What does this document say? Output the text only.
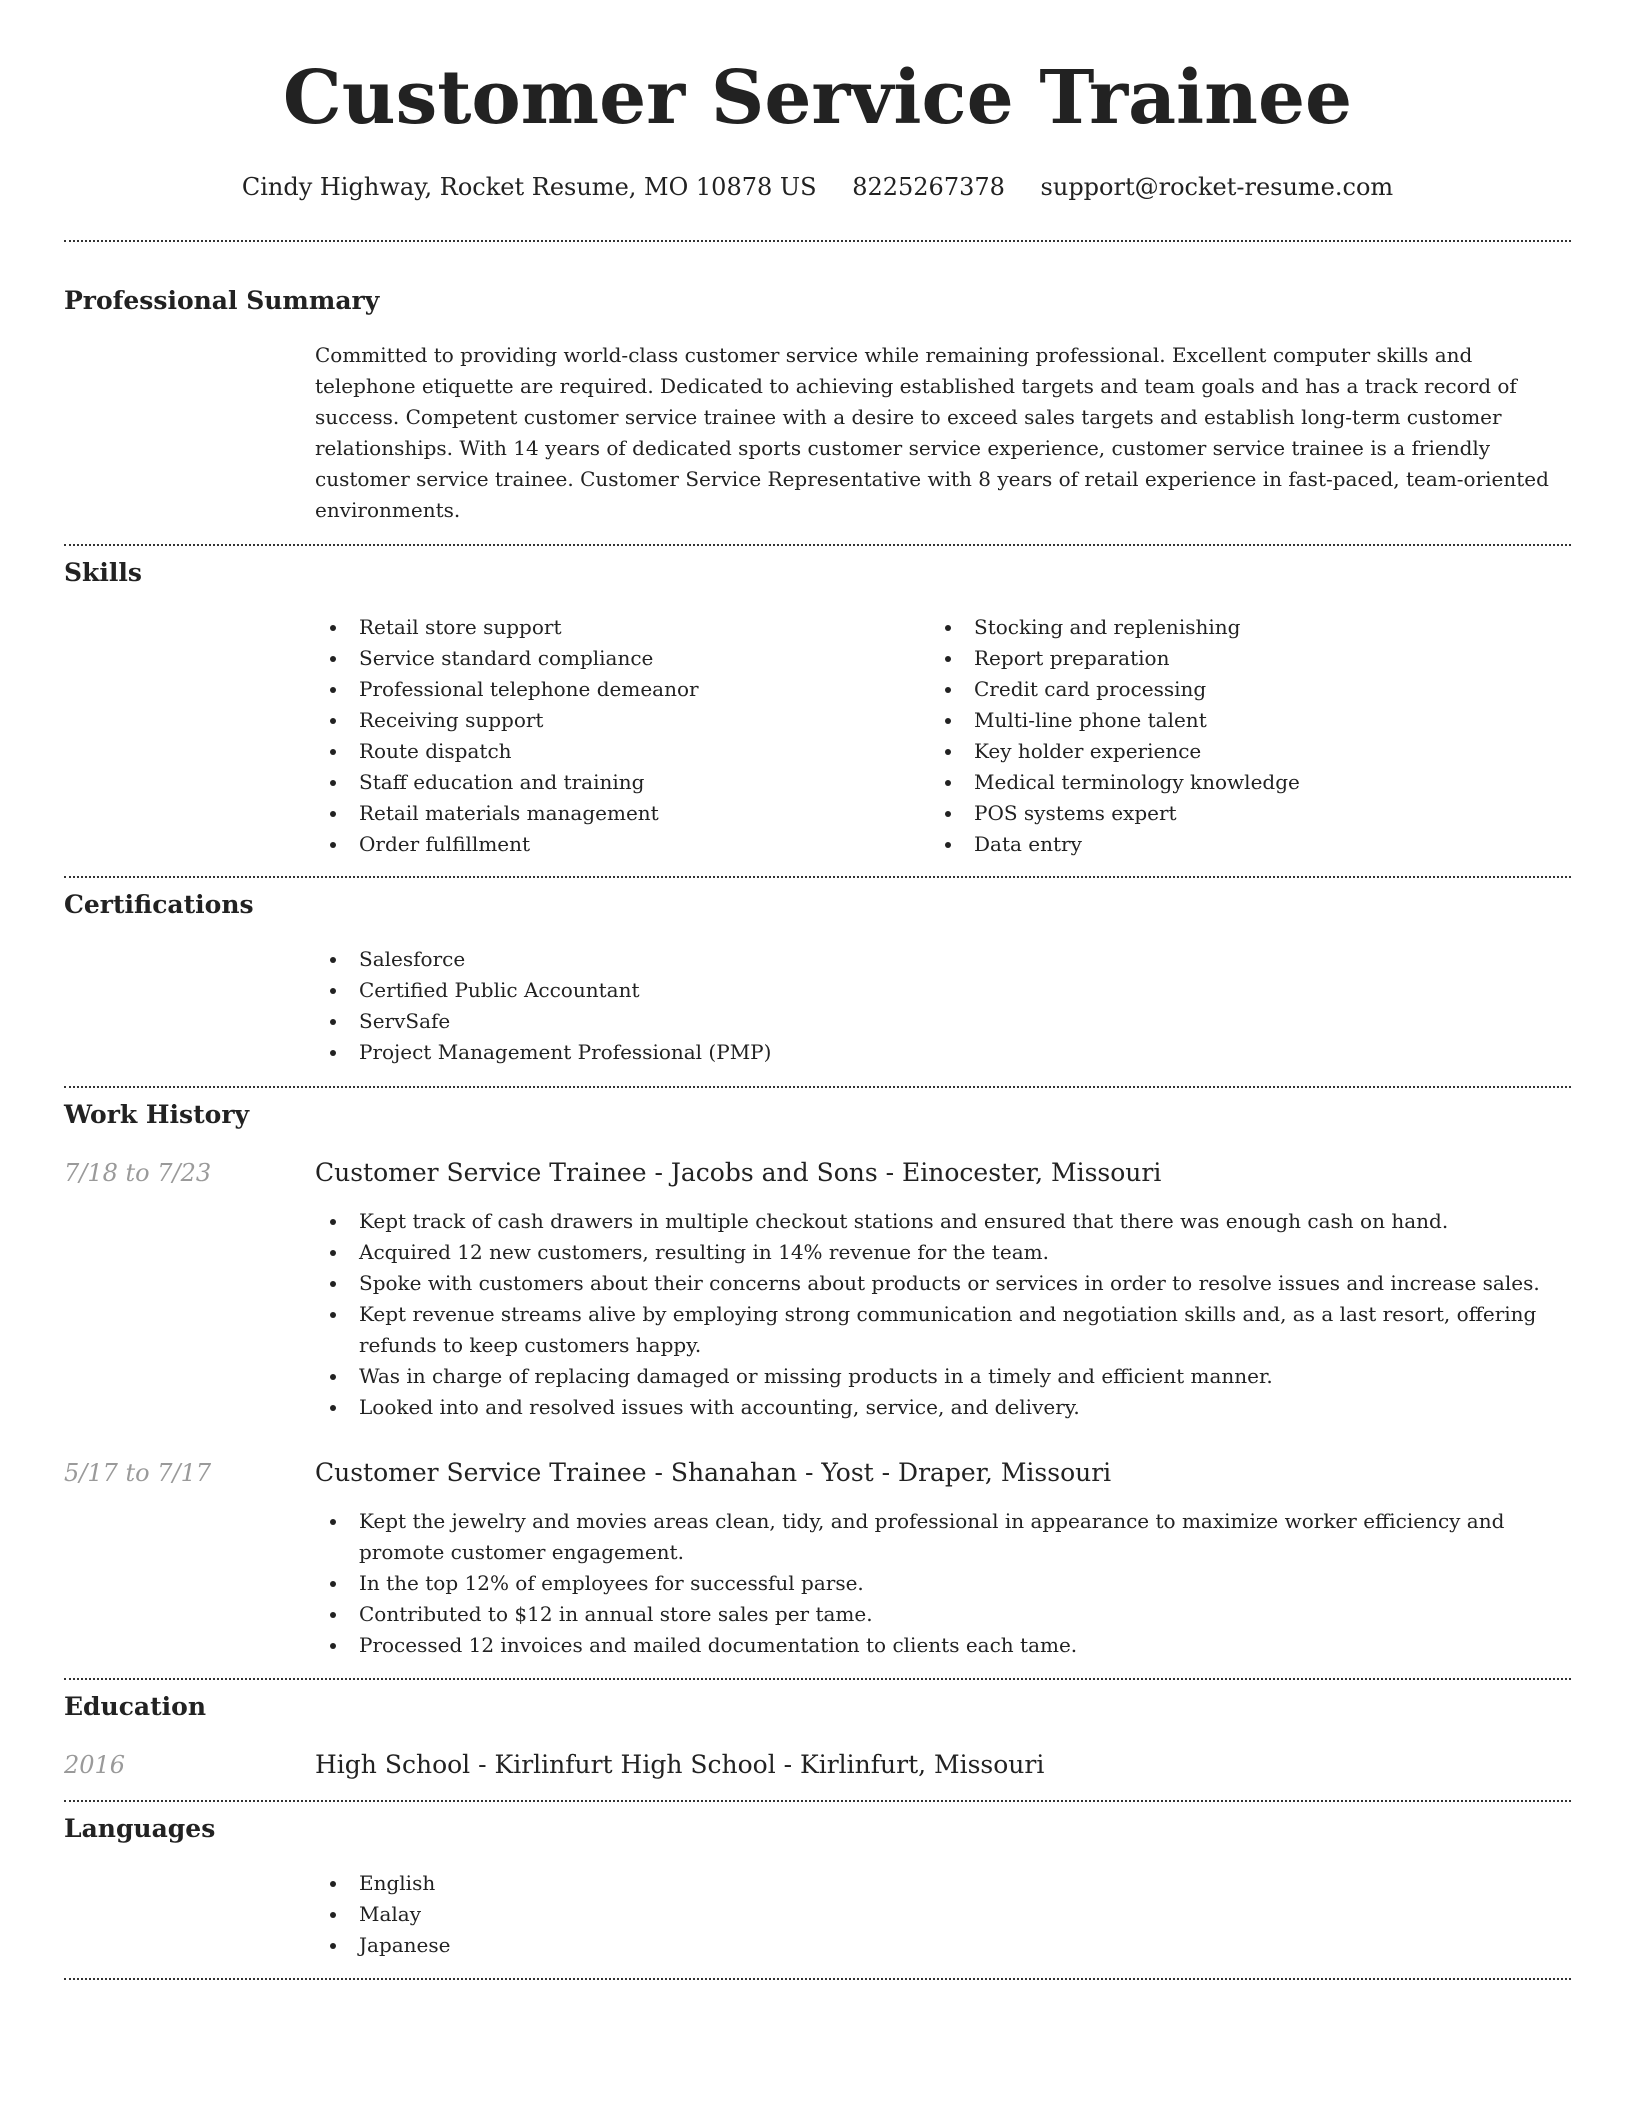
Customer Service Trainee
Cindy Highway, Rocket Resume, MO 10878 US 8225267378 support@rocket-resume.com
Professional Summary

Committed to providing world-class customer service while remaining professional. Excellent computer skills and telephone etiquette are required. Dedicated to achieving established targets and team goals and has a track record of success. Competent customer service trainee with a desire to exceed sales targets and establish long-term customer relationships. With 14 years of dedicated sports customer service experience, customer service trainee is a friendly customer service trainee. Customer Service Representative with 8 years of retail experience in fast-paced, team-oriented environments.

Skills
Retail store support
Service standard compliance
Professional telephone demeanor
Receiving support
Route dispatch
Staff education and training
Retail materials management
Order fulfillment
Stocking and replenishing
Report preparation
Credit card processing
Multi-line phone talent
Key holder experience
Medical terminology knowledge
POS systems expert
Data entry
Certifications
Salesforce
Certified Public Accountant
ServSafe
Project Management Professional (PMP)
Work History
7/18 to 7/23	Customer Service Trainee - Jacobs and Sons - Einocester, Missouri
Kept track of cash drawers in multiple checkout stations and ensured that there was enough cash on hand.
Acquired 12 new customers, resulting in 14% revenue for the team.
Spoke with customers about their concerns about products or services in order to resolve issues and increase sales.
Kept revenue streams alive by employing strong communication and negotiation skills and, as a last resort, offering refunds to keep customers happy.
Was in charge of replacing damaged or missing products in a timely and efficient manner.
Looked into and resolved issues with accounting, service, and delivery.
5/17 to 7/17	Customer Service Trainee - Shanahan - Yost - Draper, Missouri
Kept the jewelry and movies areas clean, tidy, and professional in appearance to maximize worker efficiency and promote customer engagement.
In the top 12% of employees for successful parse.
Contributed to $12 in annual store sales per tame.
Processed 12 invoices and mailed documentation to clients each tame.
Education
2016	High School - Kirlinfurt High School - Kirlinfurt, Missouri
Languages
English
Malay
Japanese
